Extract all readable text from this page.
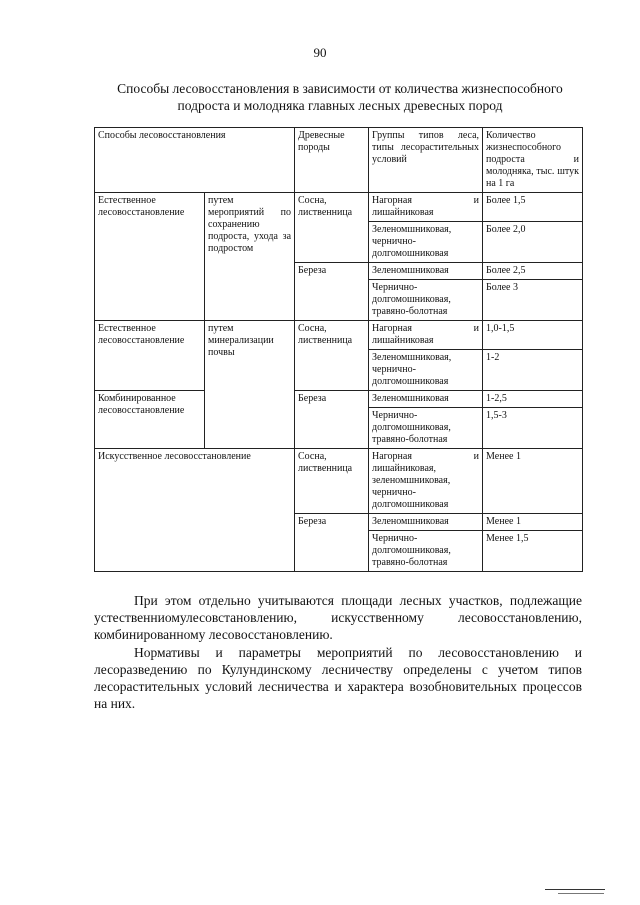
90
Способы лесовосстановления в зависимости от количества жизнеспособного подроста и молодняка главных лесных древесных пород
Способы лесовосстановления		Древесные породы	Группы типов леса, типы лесорастительных условий	Количество жизнеспособного подроста и молодняка, тыс. штук на 1 га
Естественное лесовосстановление	путем мероприятий по сохранению подроста, ухода за подростом	Сосна, лиственница	Нагорная и лишайниковая	Более 1,5
			Зеленомшниковая, чернично-долгомошниковая	Более 2,0
		Береза	Зеленомшниковая	Более 2,5
			Чернично-долгомошниковая, травяно-болотная	Более 3
Естественное лесовосстановление	путем минерализации почвы	Сосна, лиственница	Нагорная и лишайниковая	1,0-1,5
			Зеленомшниковая, чернично-долгомошниковая	1-2
Комбинированное лесовосстановление		Береза	Зеленомшниковая	1-2,5
			Чернично-долгомошниковая, травяно-болотная	1,5-3
Искусственное лесовосстановление		Сосна, лиственница	Нагорная и лишайниковая, зеленомшниковая, чернично-долгомошниковая	Менее 1
		Береза	Зеленомшниковая	Менее 1
			Чернично-долгомошниковая, травяно-болотная	Менее 1,5

При этом отдельно учитываются площади лесных участков, подлежащие устественниомулесовстановлению, искусственному лесовосстановлению, комбинированному лесовосстановлению.

Нормативы и параметры мероприятий по лесовосстановлению и лесоразведению по Кулундинскому лесничеству определены с учетом типов лесорастительных условий лесничества и характера возобновительных процессов на них.
